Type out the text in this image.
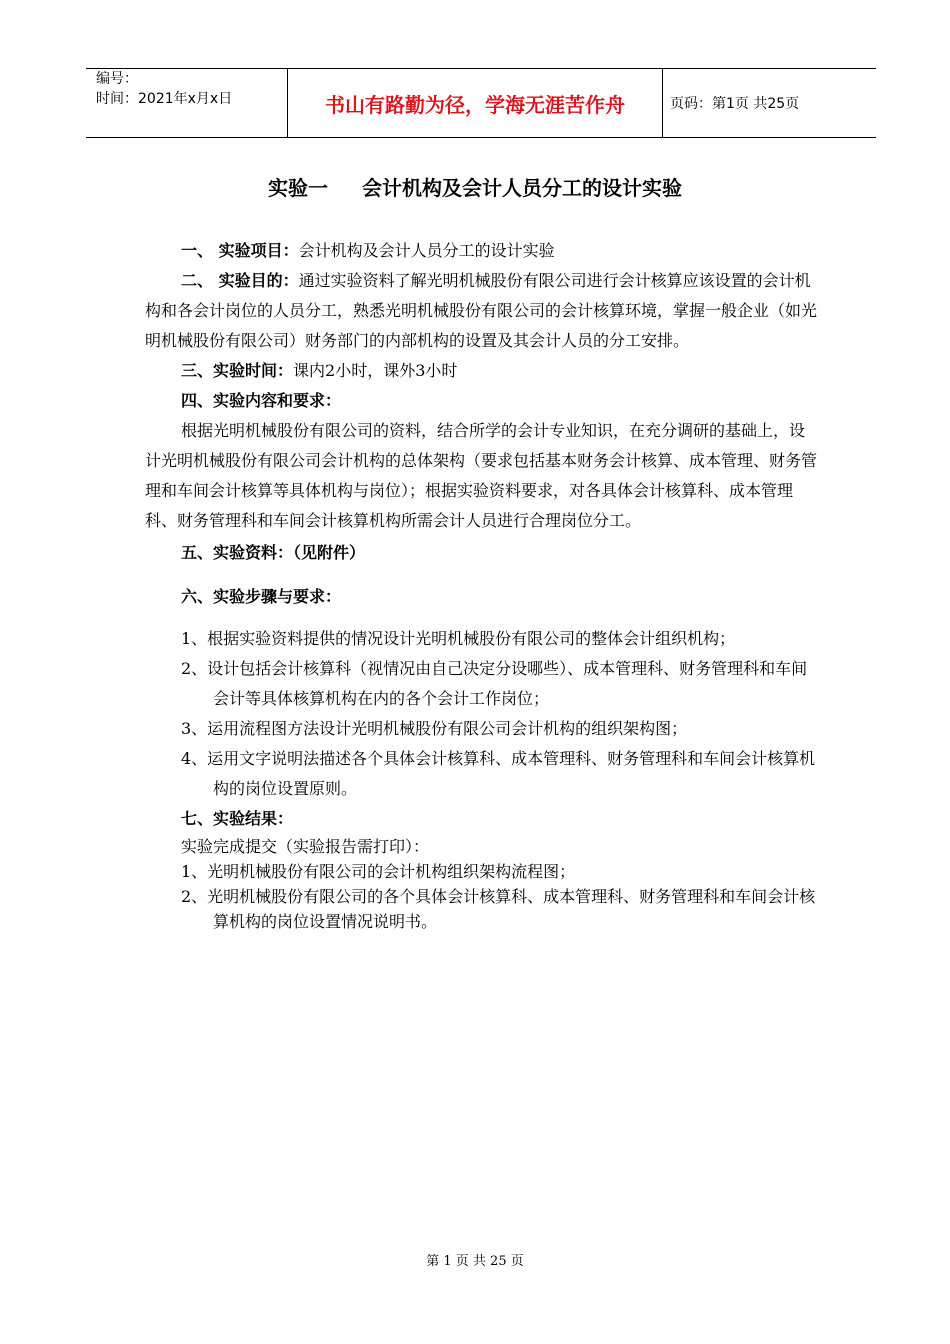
编号：
时间：2021年x月x日	书山有路勤为径，学海无涯苦作舟	页码：第1页 共25页
实验一 会计机构及会计人员分工的设计实验

一、 实验项目：会计机构及会计人员分工的设计实验

二、 实验目的：通过实验资料了解光明机械股份有限公司进行会计核算应该设置的会计机构和各会计岗位的人员分工，熟悉光明机械股份有限公司的会计核算环境，掌握一般企业（如光明机械股份有限公司）财务部门的内部机构的设置及其会计人员的分工安排。

三、实验时间：课内2小时，课外3小时

四、实验内容和要求：

根据光明机械股份有限公司的资料，结合所学的会计专业知识，在充分调研的基础上，设计光明机械股份有限公司会计机构的总体架构（要求包括基本财务会计核算、成本管理、财务管理和车间会计核算等具体机构与岗位）；根据实验资料要求，对各具体会计核算科、成本管理科、财务管理科和车间会计核算机构所需会计人员进行合理岗位分工。

五、实验资料：（见附件）

六、实验步骤与要求：

1、根据实验资料提供的情况设计光明机械股份有限公司的整体会计组织机构；

2、设计包括会计核算科（视情况由自己决定分设哪些）、成本管理科、财务管理科和车间会计等具体核算机构在内的各个会计工作岗位；

3、运用流程图方法设计光明机械股份有限公司会计机构的组织架构图；

4、运用文字说明法描述各个具体会计核算科、成本管理科、财务管理科和车间会计核算机构的岗位设置原则。

七、实验结果：

实验完成提交（实验报告需打印）：

1、光明机械股份有限公司的会计机构组织架构流程图；

2、光明机械股份有限公司的各个具体会计核算科、成本管理科、财务管理科和车间会计核算机构的岗位设置情况说明书。

第 1 页 共 25 页
